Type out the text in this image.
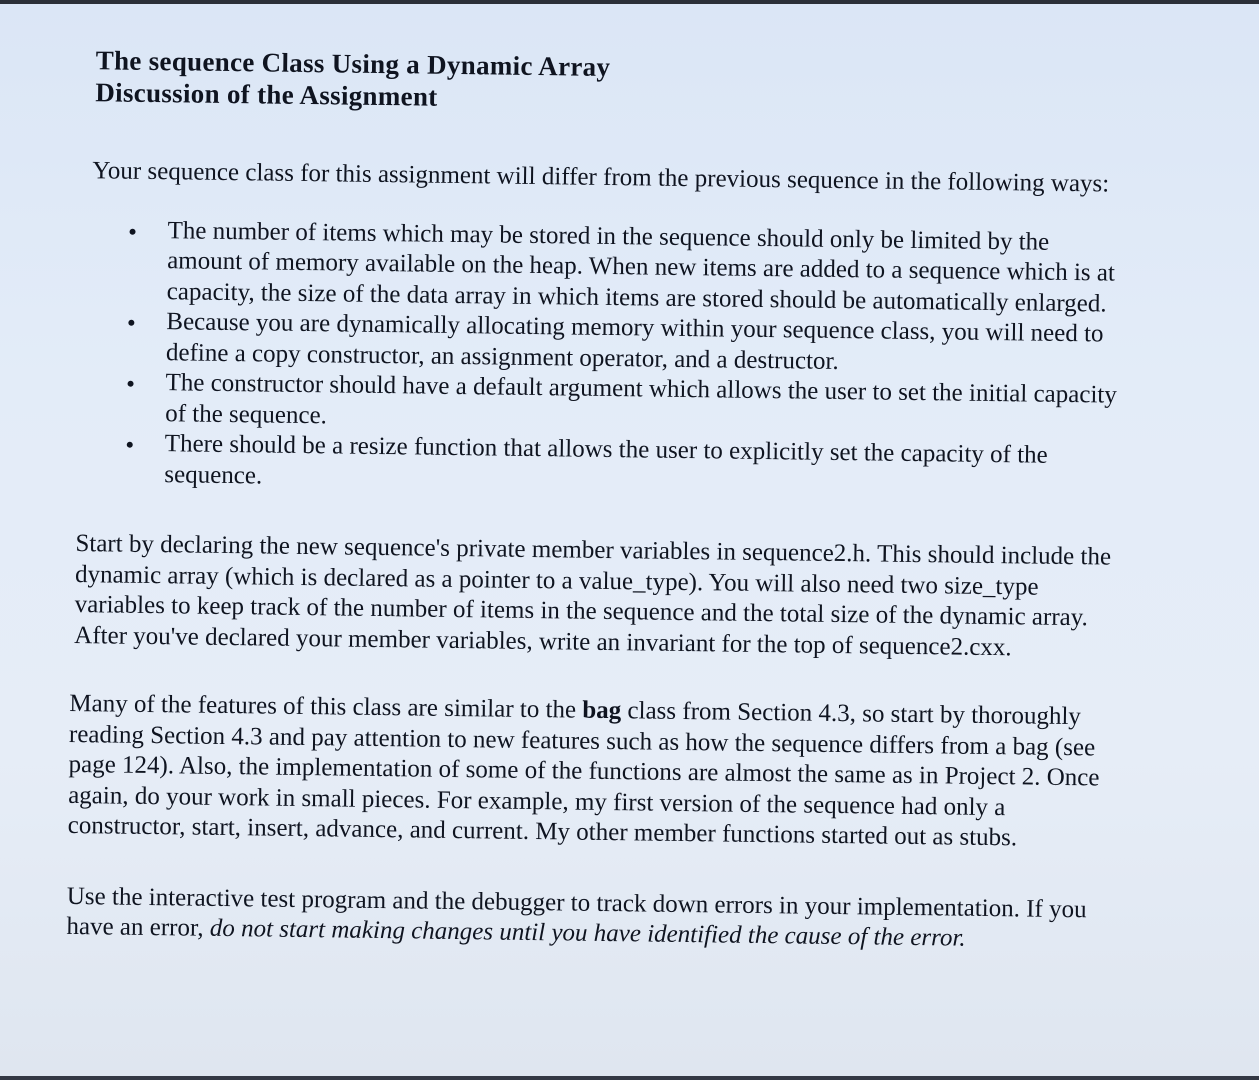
The sequence Class Using a Dynamic Array
Discussion of the Assignment

Your sequence class for this assignment will differ from the previous sequence in the following ways:

The number of items which may be stored in the sequence should only be limited by the amount of memory available on the heap. When new items are added to a sequence which is at capacity, the size of the data array in which items are stored should be automatically enlarged.
Because you are dynamically allocating memory within your sequence class, you will need to define a copy constructor, an assignment operator, and a destructor.
The constructor should have a default argument which allows the user to set the initial capacity of the sequence.
There should be a resize function that allows the user to explicitly set the capacity of the sequence.

Start by declaring the new sequence's private member variables in sequence2.h. This should include the dynamic array (which is declared as a pointer to a value_type). You will also need two size_type variables to keep track of the number of items in the sequence and the total size of the dynamic array. After you've declared your member variables, write an invariant for the top of sequence2.cxx.

Many of the features of this class are similar to the bag class from Section 4.3, so start by thoroughly reading Section 4.3 and pay attention to new features such as how the sequence differs from a bag (see page 124). Also, the implementation of some of the functions are almost the same as in Project 2. Once again, do your work in small pieces. For example, my first version of the sequence had only a constructor, start, insert, advance, and current. My other member functions started out as stubs.

Use the interactive test program and the debugger to track down errors in your implementation. If you have an error, do not start making changes until you have identified the cause of the error.
